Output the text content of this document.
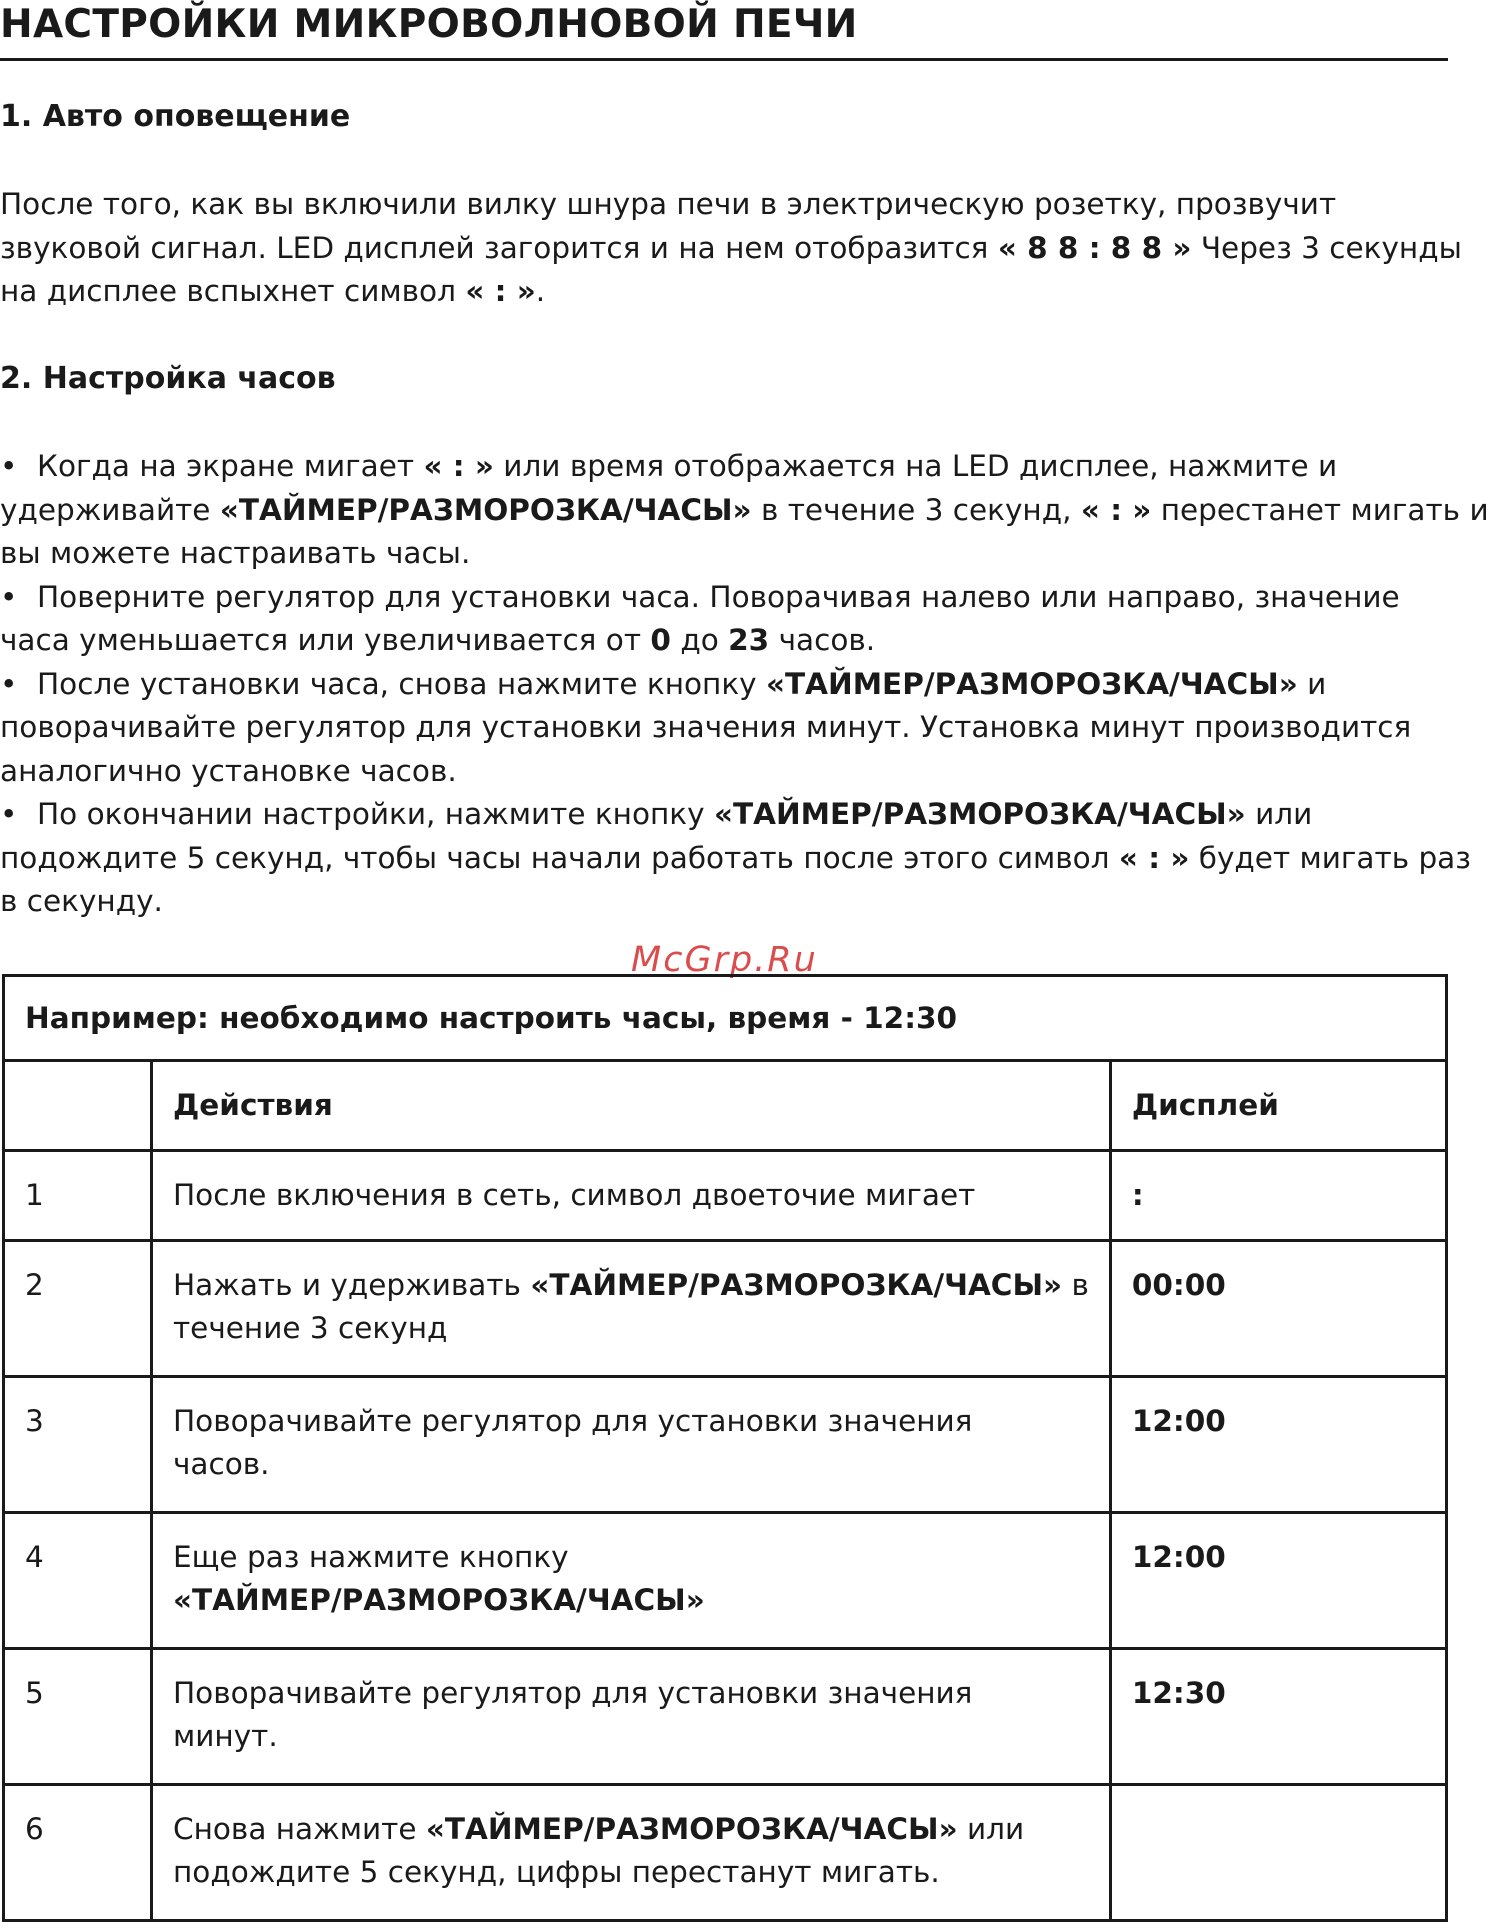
НАСТРОЙКИ МИКРОВОЛНОВОЙ ПЕЧИ
1. Авто оповещение
После того, как вы включили вилку шнура печи в электрическую розетку, прозвучит
звуковой сигнал. LED дисплей загорится и на нем отобразится « 8 8 : 8 8 » Через 3 секунды
на дисплее вспыхнет символ « : ».
2. Настройка часов
• Когда на экране мигает « : » или время отображается на LED дисплее, нажмите и
удерживайте «ТАЙМЕР/РАЗМОРОЗКА/ЧАСЫ» в течение 3 секунд, « : » перестанет мигать и
вы можете настраивать часы.
• Поверните регулятор для установки часа. Поворачивая налево или направо, значение
часа уменьшается или увеличивается от 0 до 23 часов.
• После установки часа, снова нажмите кнопку «ТАЙМЕР/РАЗМОРОЗКА/ЧАСЫ» и
поворачивайте регулятор для установки значения минут. Установка минут производится
аналогично установке часов.
• По окончании настройки, нажмите кнопку «ТАЙМЕР/РАЗМОРОЗКА/ЧАСЫ» или
подождите 5 секунд, чтобы часы начали работать после этого символ « : » будет мигать раз
в секунду.
McGrp.Ru
Например: необходимо настроить часы, время - 12:30		
	Действия	Дисплей
1	После включения в сеть, символ двоеточие мигает	:
2	Нажать и удерживать «ТАЙМЕР/РАЗМОРОЗКА/ЧАСЫ» в
течение 3 секунд	00:00
3	Поворачивайте регулятор для установки значения
часов.	12:00
4	Еще раз нажмите кнопку
«ТАЙМЕР/РАЗМОРОЗКА/ЧАСЫ»	12:00
5	Поворачивайте регулятор для установки значения
минут.	12:30
6	Снова нажмите «ТАЙМЕР/РАЗМОРОЗКА/ЧАСЫ» или
подождите 5 секунд, цифры перестанут мигать.	
